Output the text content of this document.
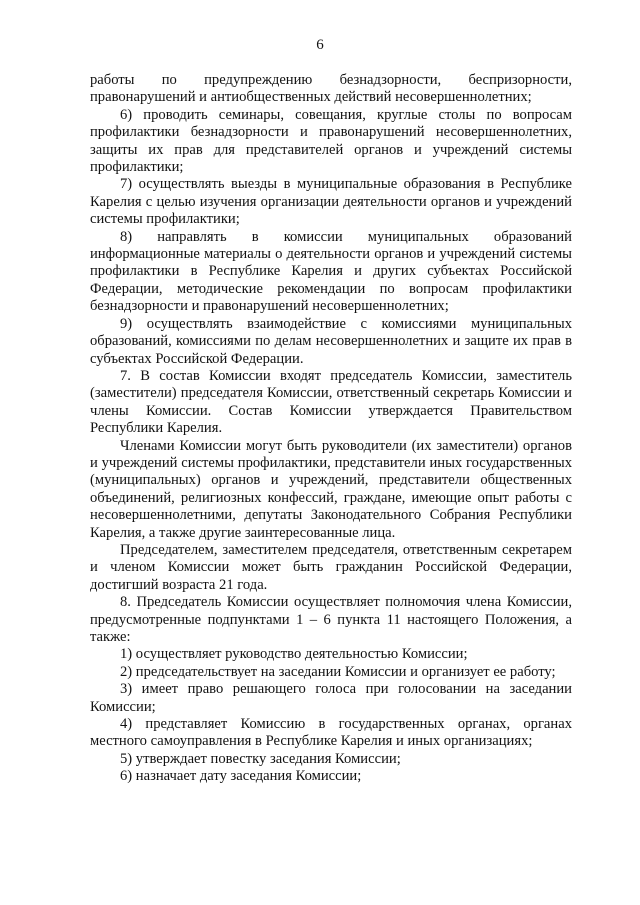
6

работы по предупреждению безнадзорности, беспризорности, правонарушений и антиобщественных действий несовершеннолетних;

6) проводить семинары, совещания, круглые столы по вопросам профилактики безнадзорности и правонарушений несовершеннолетних, защиты их прав для представителей органов и учреждений системы профилактики;

7) осуществлять выезды в муниципальные образования в Республике Карелия с целью изучения организации деятельности органов и учреждений системы профилактики;

8) направлять в комиссии муниципальных образований информационные материалы о деятельности органов и учреждений системы профилактики в Республике Карелия и других субъектах Российской Федерации, методические рекомендации по вопросам профилактики безнадзорности и правонарушений несовершеннолетних;

9) осуществлять взаимодействие с комиссиями муниципальных образований, комиссиями по делам несовершеннолетних и защите их прав в субъектах Российской Федерации.

7. В состав Комиссии входят председатель Комиссии, заместитель (заместители) председателя Комиссии, ответственный секретарь Комиссии и члены Комиссии. Состав Комиссии утверждается Правительством Республики Карелия.

Членами Комиссии могут быть руководители (их заместители) органов и учреждений системы профилактики, представители иных государственных (муниципальных) органов и учреждений, представители общественных объединений, религиозных конфессий, граждане, имеющие опыт работы с несовершеннолетними, депутаты Законодательного Собрания Республики Карелия, а также другие заинтересованные лица.

Председателем, заместителем председателя, ответственным секретарем и членом Комиссии может быть гражданин Российской Федерации, достигший возраста 21 года.

8. Председатель Комиссии осуществляет полномочия члена Комиссии, предусмотренные подпунктами 1 – 6 пункта 11 настоящего Положения, а также:

1) осуществляет руководство деятельностью Комиссии;

2) председательствует на заседании Комиссии и организует ее работу;

3) имеет право решающего голоса при голосовании на заседании Комиссии;

4) представляет Комиссию в государственных органах, органах местного самоуправления в Республике Карелия и иных организациях;

5) утверждает повестку заседания Комиссии;

6) назначает дату заседания Комиссии;
